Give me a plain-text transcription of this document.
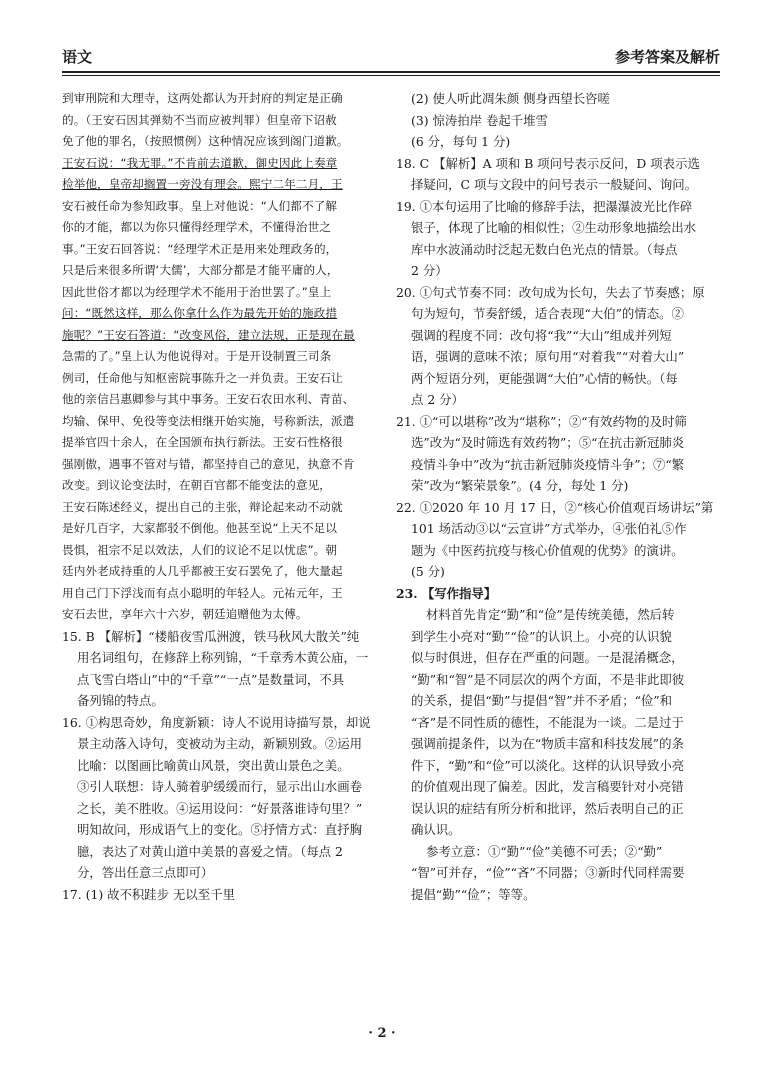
语文	参考答案及解析
到审刑院和大理寺，这两处都认为开封府的判定是正确
的。（王安石因其弹劾不当而应被判罪）但皇帝下诏赦
免了他的罪名，（按照惯例）这种情况应该到阁门道歉。
王安石说：“我无罪。”不肯前去道歉，御史因此上奏章
检举他，皇帝却搁置一旁没有理会。熙宁二年二月，王
安石被任命为参知政事。皇上对他说：“人们都不了解
你的才能，都以为你只懂得经理学术，不懂得治世之
事。”王安石回答说：“经理学术正是用来处理政务的，
只是后来很多所谓‘大儒’，大部分都是才能平庸的人，
因此世俗才都以为经理学术不能用于治世罢了。”皇上
问：“既然这样，那么你拿什么作为最先开始的施政措
施呢？”王安石答道：“改变风俗，建立法规，正是现在最
急需的了。”皇上认为他说得对。于是开设制置三司条
例司，任命他与知枢密院事陈升之一并负责。王安石让
他的亲信吕惠卿参与其中事务。王安石农田水利、青苗、
均输、保甲、免役等变法相继开始实施，号称新法，派遣
提举官四十余人，在全国颁布执行新法。王安石性格很
强刚傲，遇事不管对与错，都坚持自己的意见，执意不肯
改变。到议论变法时，在朝百官都不能变法的意见，
王安石陈述经义，提出自己的主张，辩论起来动不动就
是好几百字，大家都驳不倒他。他甚至说“上天不足以
畏惧，祖宗不足以效法，人们的议论不足以忧虑”。朝
廷内外老成持重的人几乎都被王安石罢免了，他大量起
用自己门下浮浅而有点小聪明的年轻人。元祐元年，王
安石去世，享年六十六岁，朝廷追赠他为太傅。
15. B 【解析】“楼船夜雪瓜洲渡，铁马秋风大散关”纯
用名词组句，在修辞上称列锦，“千章秀木黄公庙，一
点飞雪白塔山”中的“千章”“一点”是数量词，不具
备列锦的特点。
16. ①构思奇妙，角度新颖：诗人不说用诗描写景，却说
景主动落入诗句，变被动为主动，新颖别致。②运用
比喻：以图画比喻黄山风景，突出黄山景色之美。
③引人联想：诗人骑着驴缓缓而行，显示出山水画卷
之长，美不胜收。④运用设问：“好景落谁诗句里？”
明知故问，形成语气上的变化。⑤抒情方式：直抒胸
臆，表达了对黄山道中美景的喜爱之情。（每点 2
分，答出任意三点即可）
17. (1) 故不积跬步 无以至千里
(2) 使人听此凋朱颜 侧身西望长咨嗟
(3) 惊涛拍岸 卷起千堆雪
(6 分，每句 1 分)
18. C 【解析】A 项和 B 项问号表示反问，D 项表示选
择疑问，C 项与文段中的问号表示一般疑问、询问。
19. ①本句运用了比喻的修辞手法，把瀑瀑波光比作碎
银子，体现了比喻的相似性；②生动形象地描绘出水
库中水波涌动时泛起无数白色光点的情景。（每点
2 分）
20. ①句式节奏不同：改句成为长句，失去了节奏感；原
句为短句，节奏舒缓，适合表现“大伯”的情态。②
强调的程度不同：改句将“我”“大山”组成并列短
语，强调的意味不浓；原句用“对着我”“对着大山”
两个短语分列，更能强调“大伯”心情的畅快。（每
点 2 分）
21. ①“可以堪称”改为“堪称”；②“有效药物的及时筛
选”改为“及时筛选有效药物”；⑤“在抗击新冠肺炎
疫情斗争中”改为“抗击新冠肺炎疫情斗争”；⑦“繁
荣”改为“繁荣景象”。(4 分，每处 1 分)
22. ①2020 年 10 月 17 日，②“核心价值观百场讲坛”第
101 场活动③以“云宣讲”方式举办，④张伯礼⑤作
题为《中医药抗疫与核心价值观的优势》的演讲。
(5 分)
23. 【写作指导】
材料首先肯定“勤”和“俭”是传统美德，然后转
到学生小亮对“勤”“俭”的认识上。小亮的认识貌
似与时俱进，但存在严重的问题。一是混淆概念，
“勤”和“智”是不同层次的两个方面，不是非此即彼
的关系，提倡“勤”与提倡“智”并不矛盾；“俭”和
“吝”是不同性质的德性，不能混为一谈。二是过于
强调前提条件，以为在“物质丰富和科技发展”的条
件下，“勤”和“俭”可以淡化。这样的认识导致小亮
的价值观出现了偏差。因此，发言稿要针对小亮错
误认识的症结有所分析和批评，然后表明自己的正
确认识。
参考立意：①“勤”“俭”美德不可丢；②“勤”
“智”可并存，“俭”“吝”不同器；③新时代同样需要
提倡“勤”“俭”；等等。
· 2 ·
